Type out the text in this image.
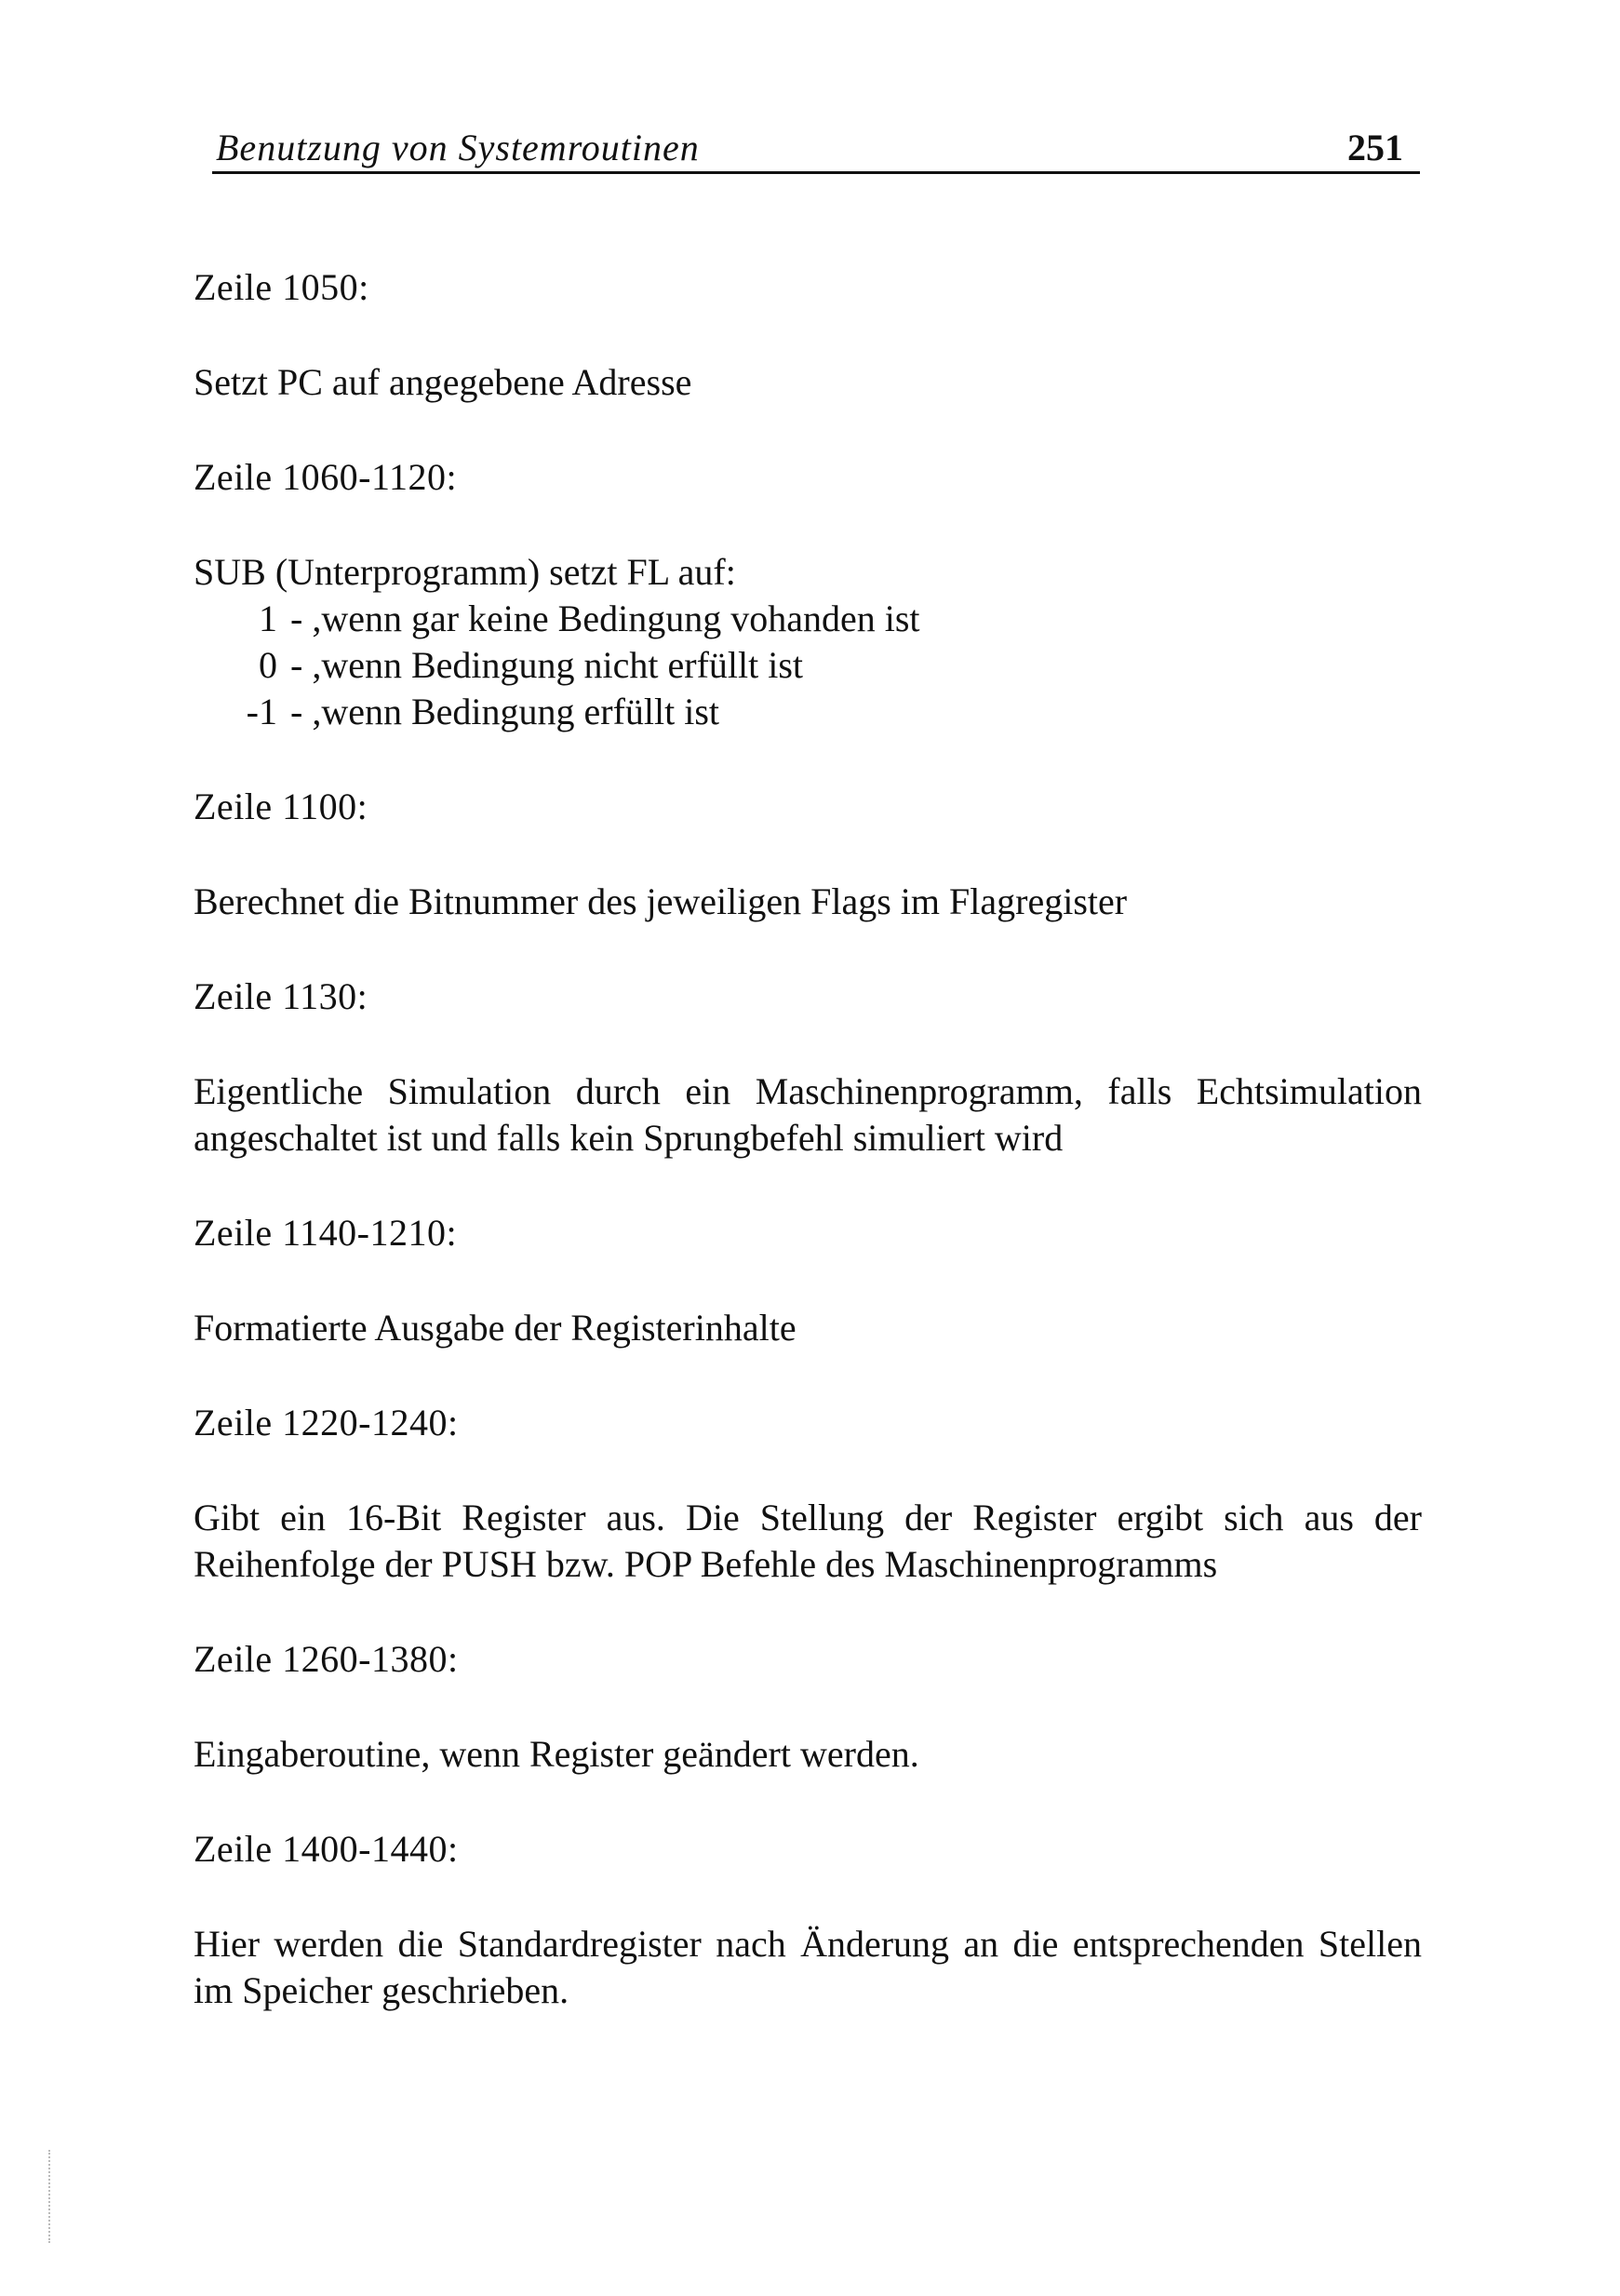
Benutzung von Systemroutinen	251

Zeile 1050:

Setzt PC auf angegebene Adresse

Zeile 1060-1120:

SUB (Unterprogramm) setzt FL auf:

1 - ,wenn gar keine Bedingung vohanden ist
0 - ,wenn Bedingung nicht erfüllt ist
-1 - ,wenn Bedingung erfüllt ist

Zeile 1100:

Berechnet die Bitnummer des jeweiligen Flags im Flagregister

Zeile 1130:

Eigentliche Simulation durch ein Maschinenprogramm, falls Echtsimulation angeschaltet ist und falls kein Sprungbefehl simuliert wird

Zeile 1140-1210:

Formatierte Ausgabe der Registerinhalte

Zeile 1220-1240:

Gibt ein 16-Bit Register aus. Die Stellung der Register ergibt sich aus der Reihenfolge der PUSH bzw. POP Befehle des Maschinenprogramms

Zeile 1260-1380:

Eingaberoutine, wenn Register geändert werden.

Zeile 1400-1440:

Hier werden die Standardregister nach Änderung an die entsprechenden Stellen im Speicher geschrieben.
